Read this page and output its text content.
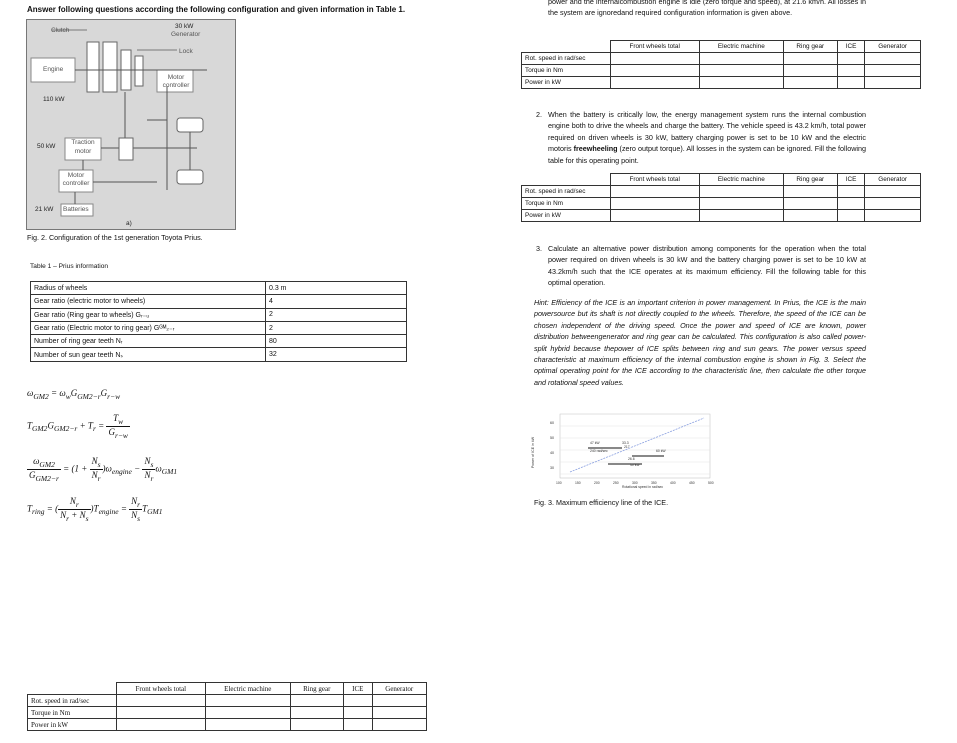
Answer following questions according the following configuration and given information in Table 1.
Clutch
30 kW
Generator
Lock
Engine
Motor controller
110 kW
50 kW
Traction motor
Motor controller
21 kW Batteries
a)
Fig. 2. Configuration of the 1st generation Toyota Prius.
Table 1 – Prius information
Radius of wheels	0.3 m
Gear ratio (electric motor to wheels)	4
Gear ratio (Ring gear to wheels) Gᵣ₋ᵤ	2
Gear ratio (Electric motor to ring gear) Gᴳᴹ₂₋ᵣ	2
Number of ring gear teeth Nᵣ	80
Number of sun gear teeth Nₛ	32
$\omega_{GM2} = \omega_wG_{GM2-r}G_{r-w}$
$T_{GM2}G_{GM2-r} + T_r = \frac{T_w}{G_{r-w}}$
$\frac{\omega_{GM2}}{G_{GM2-r}} = (1 + \frac{N_s}{N_r} )\omega_{engine} - \frac{N_s}{N_r} \omega_{GM1}$
$T_{ring}$ = ( $\frac{N_r}{N_r + N_s} )T_{engine} = \frac{N_r}{N_s} T_{GM1}$
	Front wheels total	Electric machine	Ring gear	ICE	Generator
Rot. speed in rad/sec					
Torque in Nm					
Power in kW					
power and the internalcombustion engine is idle (zero torque and speed), at 21.6 km/h. All losses in the system are ignoredand required configuration information is given above.
	Front wheels total	Electric machine	Ring gear	ICE	Generator
Rot. speed in rad/sec					
Torque in Nm					
Power in kW					
2. When the battery is critically low, the energy management system runs the internal combustion engine both to drive the wheels and charge the battery. The vehicle speed is 43.2 km/h, total power required on driven wheels is 30 kW, battery charging power is set to be 10 kW and the electric motoris freewheeling (zero output torque). All losses in the system can be ignored. Fill the following table for this operating point.
	Front wheels total	Electric machine	Ring gear	ICE	Generator
Rot. speed in rad/sec					
Torque in Nm					
Power in kW					
3. Calculate an alternative power distribution among components for the operation when the total power required on driven wheels is 30 kW and the battery charging power is set to be 10 kW at 43.2km/h such that the ICE operates at its maximum efficiency. Fill the following table for this optimal operation.
Hint: Efficiency of the ICE is an important criterion in power management. In Prius, the ICE is the main powersource but its shaft is not directly coupled to the wheels. Therefore, the speed of the ICE can be chosen independent of the driving speed. Once the power and speed of ICE are known, power distribution betweengenerator and ring gear can be calculated. This configuration is also called power-split hybrid because thepower of ICE splits between ring and sun gears. The power versus speed characteristic at maximum efficiency of the internal combustion engine is shown in Fig. 3. Select the optimal operating point for the ICE according to the characteristic line, then calculate the other torque and rotational speed values.
Power of ICE in kW
60
50
40
30
100	150	200	250	300	350	400	450	500
Rotational speed in rad/sec
47 kW
240 rad/sec
33.3
217
60 kW
26.6
40 kW
Fig. 3. Maximum efficiency line of the ICE.
